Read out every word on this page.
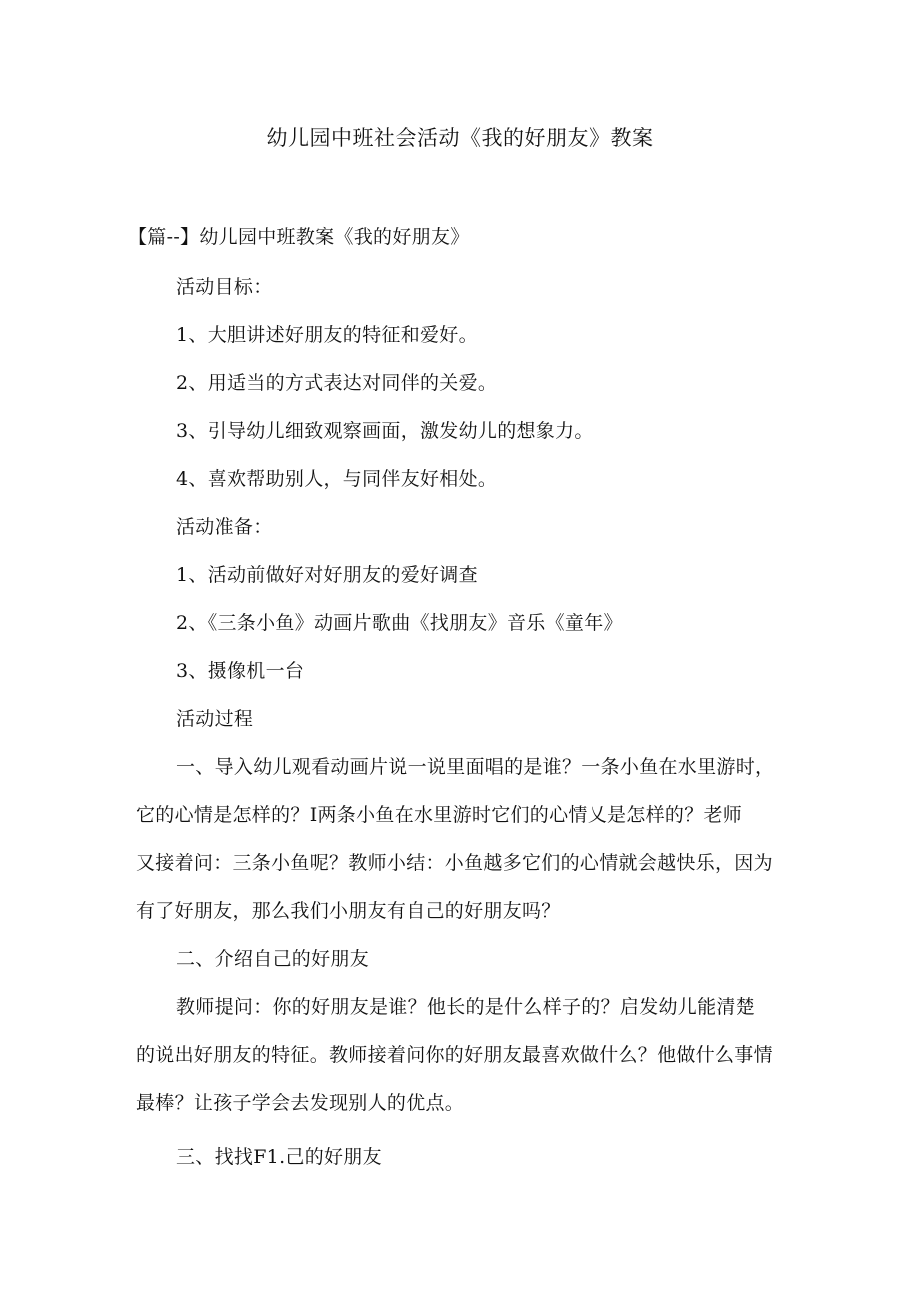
幼儿园中班社会活动《我的好朋友》教案
【篇--】幼儿园中班教案《我的好朋友》
活动目标：
1、大胆讲述好朋友的特征和爱好。
2、用适当的方式表达对同伴的关爱。
3、引导幼儿细致观察画面，激发幼儿的想象力。
4、喜欢帮助别人，与同伴友好相处。
活动准备：
1、活动前做好对好朋友的爱好调查
2、《三条小鱼》动画片歌曲《找朋友》音乐《童年》
3、摄像机一台
活动过程
一、导入幼儿观看动画片说一说里面唱的是谁？一条小鱼在水里游时，
它的心情是怎样的？I两条小鱼在水里游时它们的心情乂是怎样的？老师
又接着问：三条小鱼呢？教师小结：小鱼越多它们的心情就会越快乐，因为
有了好朋友，那么我们小朋友有自己的好朋友吗？
二、介绍自己的好朋友
教师提问：你的好朋友是谁？他长的是什么样子的？启发幼儿能清楚
的说出好朋友的特征。教师接着问你的好朋友最喜欢做什么？他做什么事情
最棒？让孩子学会去发现别人的优点。
三、找找F1.己的好朋友
